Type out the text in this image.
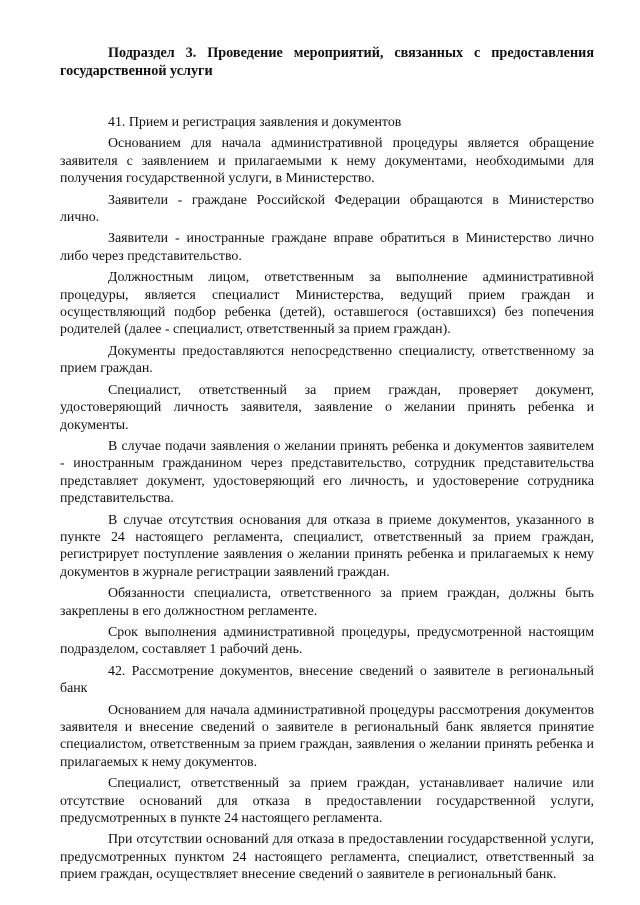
Подраздел 3. Проведение мероприятий, связанных с предоставления государственной услуги

41. Прием и регистрация заявления и документов

Основанием для начала административной процедуры является обращение заявителя с заявлением и прилагаемыми к нему документами, необходимыми для получения государственной услуги, в Министерство.

Заявители - граждане Российской Федерации обращаются в Министерство лично.

Заявители - иностранные граждане вправе обратиться в Министерство лично либо через представительство.

Должностным лицом, ответственным за выполнение административной процедуры, является специалист Министерства, ведущий прием граждан и осуществляющий подбор ребенка (детей), оставшегося (оставшихся) без попечения родителей (далее - специалист, ответственный за прием граждан).

Документы предоставляются непосредственно специалисту, ответственному за прием граждан.

Специалист, ответственный за прием граждан, проверяет документ, удостоверяющий личность заявителя, заявление о желании принять ребенка и документы.

В случае подачи заявления о желании принять ребенка и документов заявителем - иностранным гражданином через представительство, сотрудник представительства представляет документ, удостоверяющий его личность, и удостоверение сотрудника представительства.

В случае отсутствия основания для отказа в приеме документов, указанного в пункте 24 настоящего регламента, специалист, ответственный за прием граждан, регистрирует поступление заявления о желании принять ребенка и прилагаемых к нему документов в журнале регистрации заявлений граждан.

Обязанности специалиста, ответственного за прием граждан, должны быть закреплены в его должностном регламенте.

Срок выполнения административной процедуры, предусмотренной настоящим подразделом, составляет 1 рабочий день.

42. Рассмотрение документов, внесение сведений о заявителе в региональный банк

Основанием для начала административной процедуры рассмотрения документов заявителя и внесение сведений о заявителе в региональный банк является принятие специалистом, ответственным за прием граждан, заявления о желании принять ребенка и прилагаемых к нему документов.

Специалист, ответственный за прием граждан, устанавливает наличие или отсутствие оснований для отказа в предоставлении государственной услуги, предусмотренных в пункте 24 настоящего регламента.

При отсутствии оснований для отказа в предоставлении государственной услуги, предусмотренных пунктом 24 настоящего регламента, специалист, ответственный за прием граждан, осуществляет внесение сведений о заявителе в региональный банк.
